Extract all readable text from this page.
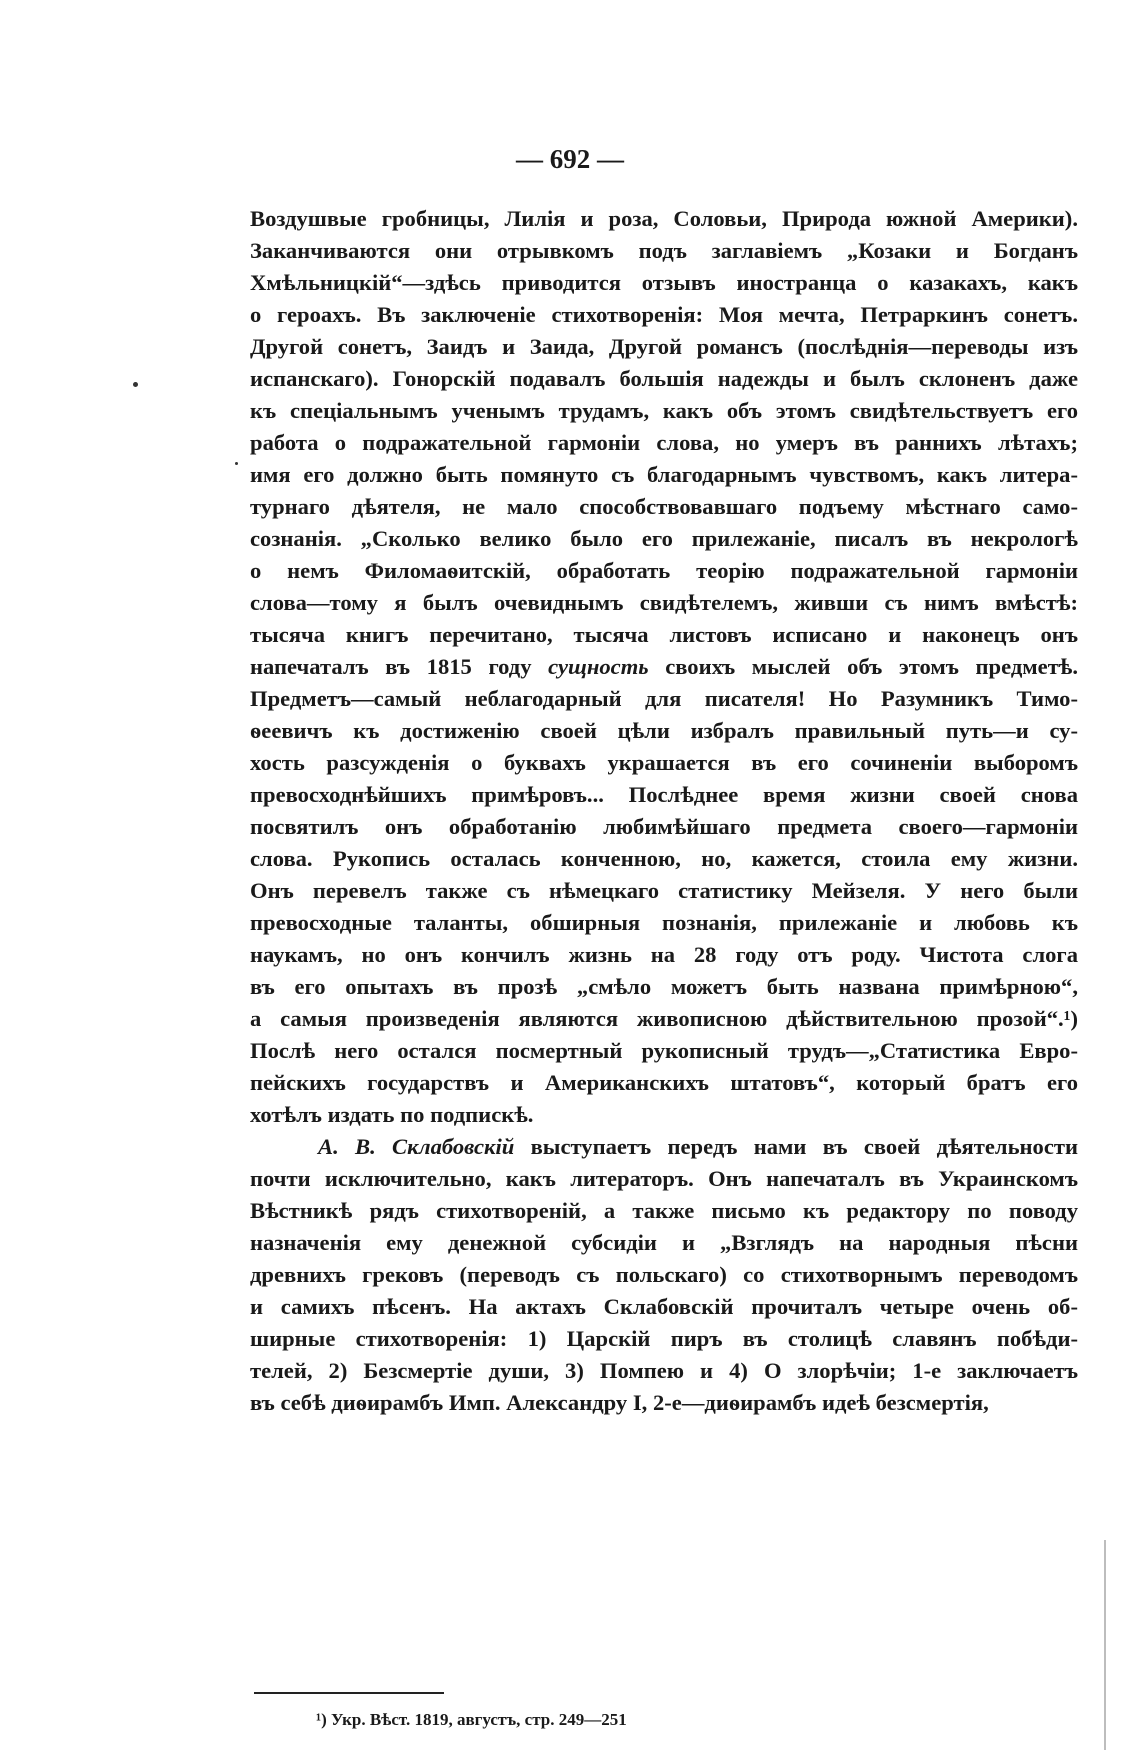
— 692 —
Воздушвые гробницы, Лилія и роза, Соловьи, Природа южной Америки).
Заканчиваются они отрывкомъ подъ заглавіемъ „Козаки и Богданъ
Хмѣльницкій“—здѣсь приводится отзывъ иностранца о казакахъ, какъ
о героахъ. Въ заключеніе стихотворенія: Моя мечта, Петраркинъ сонетъ.
Другой сонетъ, Заидъ и Заида, Другой романсъ (послѣднія—переводы изъ
испанскаго). Гонорскій подавалъ большія надежды и былъ склоненъ даже
къ спеціальнымъ ученымъ трудамъ, какъ объ этомъ свидѣтельствуетъ его
работа о подражательной гармоніи слова, но умеръ въ раннихъ лѣтахъ;
имя его должно быть помянуто съ благодарнымъ чувствомъ, какъ литера-
турнаго дѣятеля, не мало способствовавшаго подъему мѣстнаго само-
сознанія. „Сколько велико было его прилежаніе, писалъ въ некрологѣ
о немъ Филомаѳитскій, обработать теорію подражательной гармоніи
слова—тому я былъ очевиднымъ свидѣтелемъ, живши съ нимъ вмѣстѣ:
тысяча книгъ перечитано, тысяча листовъ исписано и наконецъ онъ
напечаталъ въ 1815 году сущность своихъ мыслей объ этомъ предметѣ.
Предметъ—самый неблагодарный для писателя! Но Разумникъ Тимо-
ѳеевичъ къ достиженію своей цѣли избралъ правильный путь—и су-
хость разсужденія о буквахъ украшается въ его сочиненіи выборомъ
превосходнѣйшихъ примѣровъ... Послѣднее время жизни своей снова
посвятилъ онъ обработанію любимѣйшаго предмета своего—гармоніи
слова. Рукопись осталась конченною, но, кажется, стоила ему жизни.
Онъ перевелъ также съ нѣмецкаго статистику Мейзеля. У него были
превосходные таланты, обширныя познанія, прилежаніе и любовь къ
наукамъ, но онъ кончилъ жизнь на 28 году отъ роду. Чистота слога
въ его опытахъ въ прозѣ „смѣло можетъ быть названа примѣрною“,
а самыя произведенія являются живописною дѣйствительною прозой“.¹)
Послѣ него остался посмертный рукописный трудъ—„Статистика Евро-
пейскихъ государствъ и Американскихъ штатовъ“, который братъ его
хотѣлъ издать по подпискѣ.
А. В. Склабовскій выступаетъ передъ нами въ своей дѣятельности
почти исключительно, какъ литераторъ. Онъ напечаталъ въ Украинскомъ
Вѣстникѣ рядъ стихотвореній, а также письмо къ редактору по поводу
назначенія ему денежной субсидіи и „Взглядъ на народныя пѣсни
древнихъ грековъ (переводъ съ польскаго) со стихотворнымъ переводомъ
и самихъ пѣсенъ. На актахъ Склабовскій прочиталъ четыре очень об-
ширные стихотворенія: 1) Царскій пиръ въ столицѣ славянъ побѣди-
телей, 2) Безсмертіе души, 3) Помпею и 4) О злорѣчіи; 1-е заключаетъ
въ себѣ диѳирамбъ Имп. Александру I, 2-е—диѳирамбъ идеѣ безсмертія,
¹) Укр. Вѣст. 1819, августъ, стр. 249—251
